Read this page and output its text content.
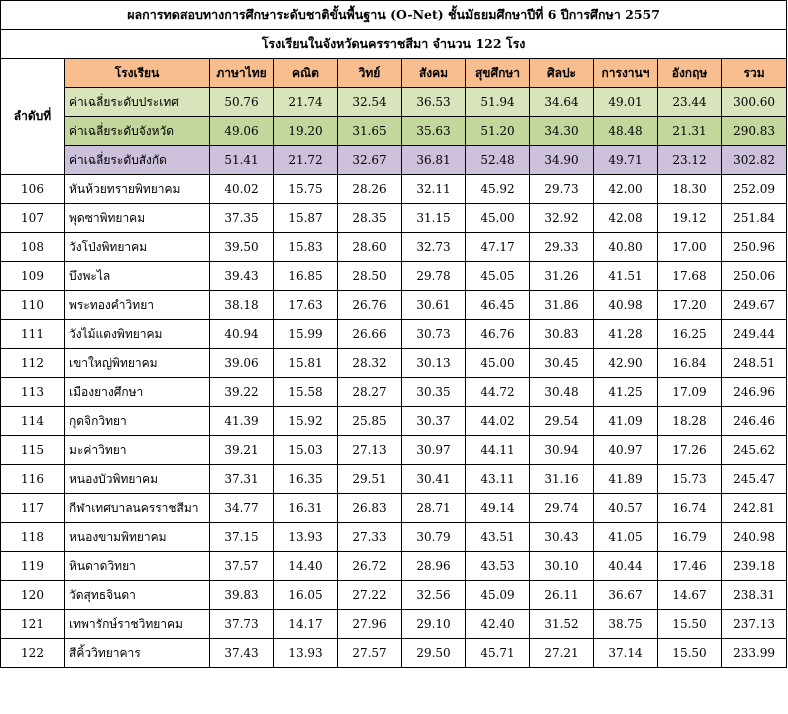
ผลการทดสอบทางการศึกษาระดับชาติขั้นพื้นฐาน (O-Net) ชั้นมัธยมศึกษาปีที่ 6 ปีการศึกษา 2557										
โรงเรียนในจังหวัดนครราชสีมา จำนวน 122 โรง										
ลำดับที่	โรงเรียน	ภาษาไทย	คณิต	วิทย์	สังคม	สุขศึกษา	ศิลปะ	การงานฯ	อังกฤษ	รวม
	ค่าเฉลี่ยระดับประเทศ	50.76	21.74	32.54	36.53	51.94	34.64	49.01	23.44	300.60
	ค่าเฉลี่ยระดับจังหวัด	49.06	19.20	31.65	35.63	51.20	34.30	48.48	21.31	290.83
	ค่าเฉลี่ยระดับสังกัด	51.41	21.72	32.67	36.81	52.48	34.90	49.71	23.12	302.82
106	หันห้วยทรายพิทยาคม	40.02	15.75	28.26	32.11	45.92	29.73	42.00	18.30	252.09
107	พุดซาพิทยาคม	37.35	15.87	28.35	31.15	45.00	32.92	42.08	19.12	251.84
108	วังโป่งพิทยาคม	39.50	15.83	28.60	32.73	47.17	29.33	40.80	17.00	250.96
109	บึงพะไล	39.43	16.85	28.50	29.78	45.05	31.26	41.51	17.68	250.06
110	พระทองคำวิทยา	38.18	17.63	26.76	30.61	46.45	31.86	40.98	17.20	249.67
111	วังไม้แดงพิทยาคม	40.94	15.99	26.66	30.73	46.76	30.83	41.28	16.25	249.44
112	เขาใหญ่พิทยาคม	39.06	15.81	28.32	30.13	45.00	30.45	42.90	16.84	248.51
113	เมืองยางศึกษา	39.22	15.58	28.27	30.35	44.72	30.48	41.25	17.09	246.96
114	กุดจิกวิทยา	41.39	15.92	25.85	30.37	44.02	29.54	41.09	18.28	246.46
115	มะค่าวิทยา	39.21	15.03	27.13	30.97	44.11	30.94	40.97	17.26	245.62
116	หนองบัวพิทยาคม	37.31	16.35	29.51	30.41	43.11	31.16	41.89	15.73	245.47
117	กีฬาเทศบาลนครราชสีมา	34.77	16.31	26.83	28.71	49.14	29.74	40.57	16.74	242.81
118	หนองขามพิทยาคม	37.15	13.93	27.33	30.79	43.51	30.43	41.05	16.79	240.98
119	หินดาดวิทยา	37.57	14.40	26.72	28.96	43.53	30.10	40.44	17.46	239.18
120	วัดสุทธจินดา	39.83	16.05	27.22	32.56	45.09	26.11	36.67	14.67	238.31
121	เทพารักษ์ราชวิทยาคม	37.73	14.17	27.96	29.10	42.40	31.52	38.75	15.50	237.13
122	สีคิ้ววิทยาคาร	37.43	13.93	27.57	29.50	45.71	27.21	37.14	15.50	233.99
